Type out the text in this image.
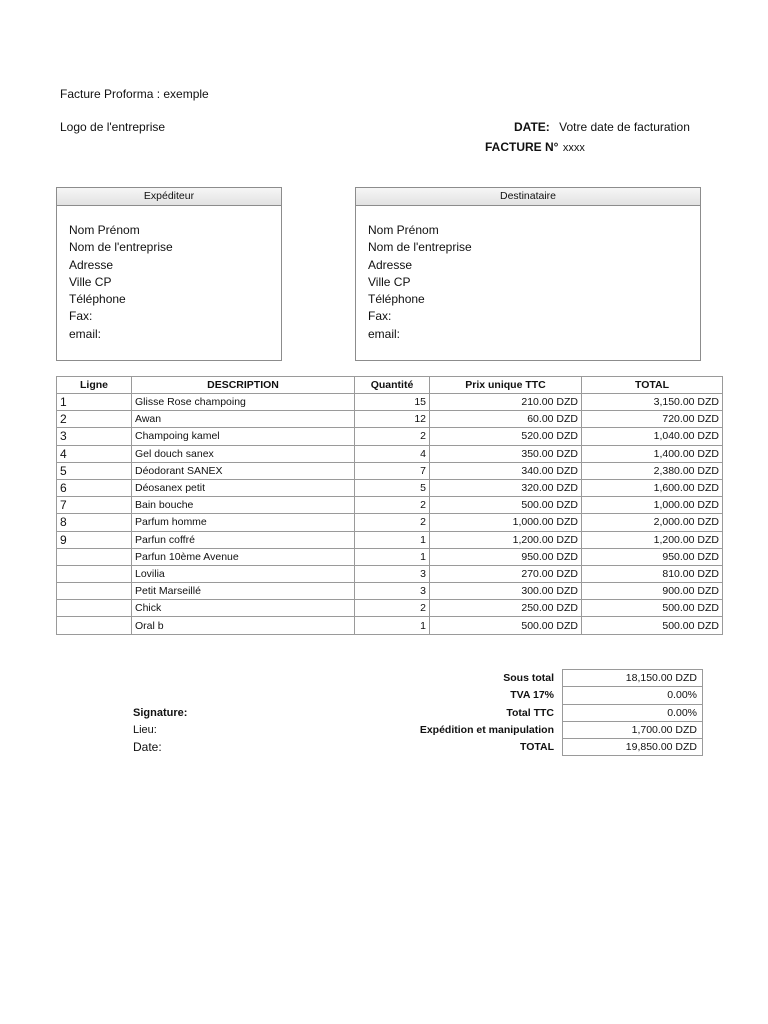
Facture Proforma : exemple
Logo de l'entreprise	DATE: Votre date de facturation
FACTURE N° xxxx
Expéditeur
Nom Prénom
Nom de l'entreprise
Adresse
Ville CP
Téléphone
Fax:
email:
Destinataire
Nom Prénom
Nom de l'entreprise
Adresse
Ville CP
Téléphone
Fax:
email:
Ligne	DESCRIPTION	Quantité	Prix unique TTC	TOTAL
1	Glisse Rose champoing	15	210.00 DZD	3,150.00 DZD
2	Awan	12	60.00 DZD	720.00 DZD
3	Champoing kamel	2	520.00 DZD	1,040.00 DZD
4	Gel douch sanex	4	350.00 DZD	1,400.00 DZD
5	Déodorant SANEX	7	340.00 DZD	2,380.00 DZD
6	Déosanex petit	5	320.00 DZD	1,600.00 DZD
7	Bain bouche	2	500.00 DZD	1,000.00 DZD
8	Parfum homme	2	1,000.00 DZD	2,000.00 DZD
9	Parfun coffré	1	1,200.00 DZD	1,200.00 DZD
	Parfun 10ème Avenue	1	950.00 DZD	950.00 DZD
	Lovilia	3	270.00 DZD	810.00 DZD
	Petit Marseillé	3	300.00 DZD	900.00 DZD
	Chick	2	250.00 DZD	500.00 DZD
	Oral b	1	500.00 DZD	500.00 DZD
Signature:
Lieu:
Date:
Sous total	18,150.00 DZD
TVA 17%	0.00%
Total TTC	0.00%
Expédition et manipulation	1,700.00 DZD
TOTAL	19,850.00 DZD
